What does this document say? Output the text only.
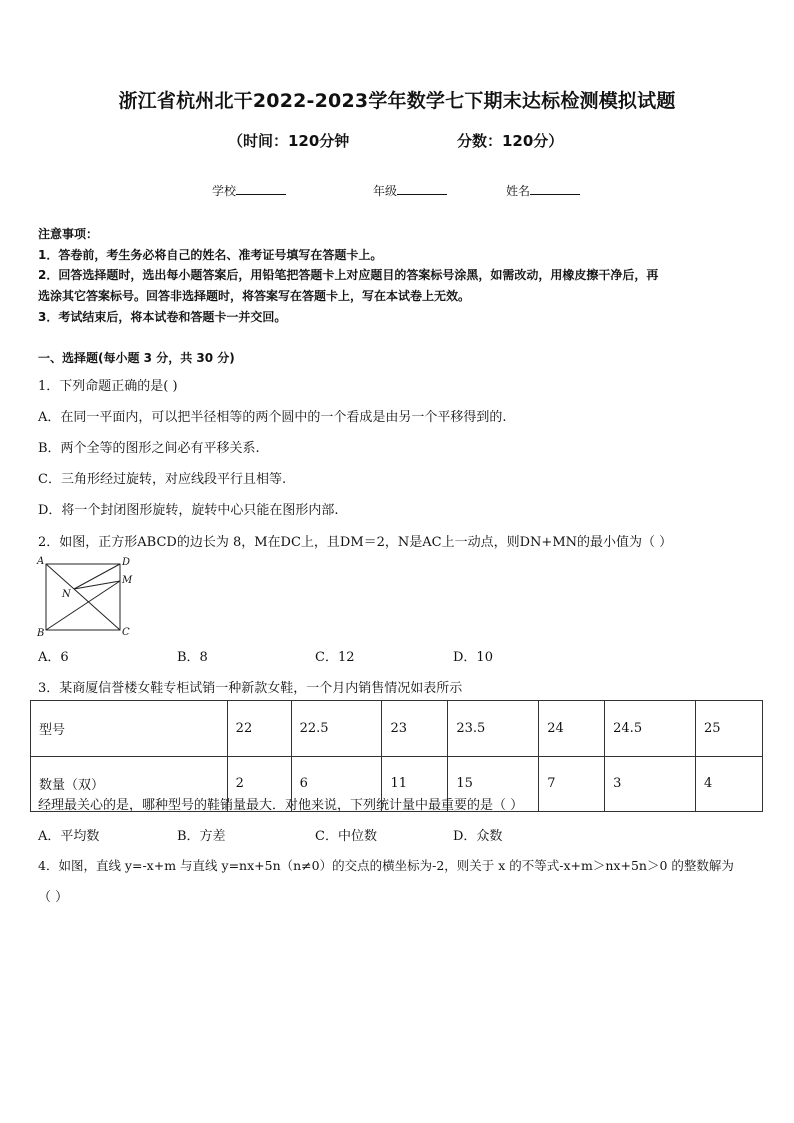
浙江省杭州北干2022-2023学年数学七下期末达标检测模拟试题
（时间：120分钟	分数：120分）
学校	年级	姓名
注意事项：
1．答卷前，考生务必将自己的姓名、准考证号填写在答题卡上。
2．回答选择题时，选出每小题答案后，用铅笔把答题卡上对应题目的答案标号涂黑，如需改动，用橡皮擦干净后，再
选涂其它答案标号。回答非选择题时，将答案写在答题卡上，写在本试卷上无效。
3．考试结束后，将本试卷和答题卡一并交回。
一、选择题(每小题 3 分，共 30 分)
1．下列命题正确的是( )
A．在同一平面内，可以把半径相等的两个圆中的一个看成是由另一个平移得到的.
B．两个全等的图形之间必有平移关系.
C．三角形经过旋转，对应线段平行且相等.
D．将一个封闭图形旋转，旋转中心只能在图形内部.
2．如图，正方形ABCD的边长为 8，M在DC上，且DM＝2，N是AC上一动点，则DN+MN的最小值为（ ）
A	D
M
N
B	C
A．6	B．8	C．12	D．10
3．某商厦信誉楼女鞋专柜试销一种新款女鞋，一个月内销售情况如表所示
型号	22	22.5	23	23.5	24	24.5	25
数量（双）	2	6	11	15	7	3	4
经理最关心的是，哪种型号的鞋销量最大．对他来说，下列统计量中最重要的是（ ）
A．平均数	B．方差	C．中位数	D．众数
4．如图，直线 y=-x+m 与直线 y=nx+5n（n≠0）的交点的横坐标为-2，则关于 x 的不等式-x+m＞nx+5n＞0 的整数解为
（ ）
